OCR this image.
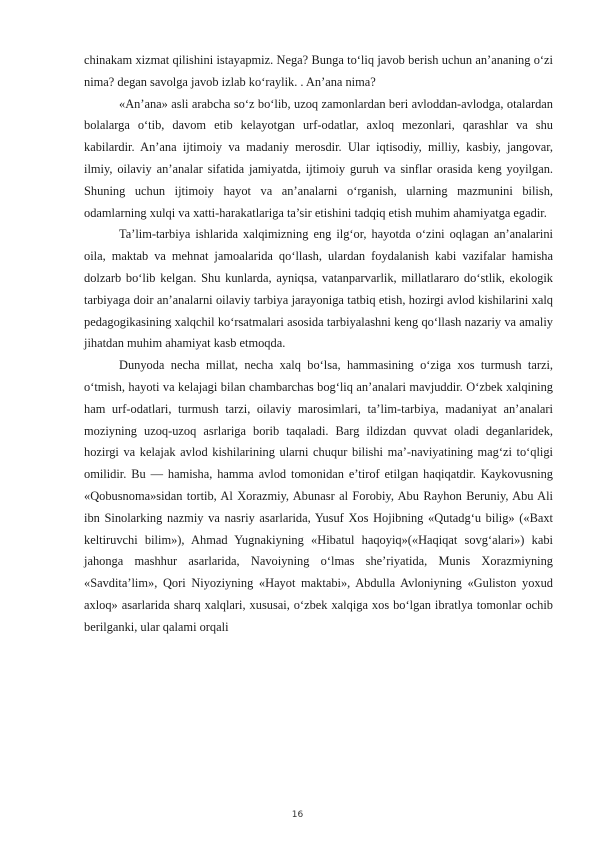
chinakam xizmat qilishini istayapmiz. Nega? Bunga to‘liq javob berish uchun an’ananing o‘zi nima? degan savolga javob izlab ko‘raylik. . An’ana nima?

«An’ana» asli arabcha so‘z bo‘lib, uzoq zamonlardan beri avloddan-avlodga, otalardan bolalarga o‘tib, davom etib kelayotgan urf-odatlar, axloq mezonlari, qarashlar va shu kabilardir. An’ana ijtimoiy va madaniy merosdir. Ular iqtisodiy, milliy, kasbiy, jangovar, ilmiy, oilaviy an’analar sifatida jamiyatda, ijtimoiy guruh va sinflar orasida keng yoyilgan. Shuning uchun ijtimoiy hayot va an’analarni o‘rganish, ularning mazmunini bilish, odamlarning xulqi va xatti-harakatlariga ta’sir etishini tadqiq etish muhim ahamiyatga egadir.

Ta’lim-tarbiya ishlarida xalqimizning eng ilg‘or, hayotda o‘zini oqlagan an’analarini oila, maktab va mehnat jamoalarida qo‘llash, ulardan foydalanish kabi vazifalar hamisha dolzarb bo‘lib kelgan. Shu kunlarda, ayniqsa, vatanparvarlik, millatlararo do‘stlik, ekologik tarbiyaga doir an’analarni oilaviy tarbiya jarayoniga tatbiq etish, hozirgi avlod kishilarini xalq pedagogikasining xalqchil ko‘rsatmalari asosida tarbiyalashni keng qo‘llash nazariy va amaliy jihatdan muhim ahamiyat kasb etmoqda.

Dunyoda necha millat, necha xalq bo‘lsa, hammasining o‘ziga xos turmush tarzi, o‘tmish, hayoti va kelajagi bilan chambarchas bog‘liq an’analari mavjuddir. O‘zbek xalqining ham urf-odatlari, turmush tarzi, oilaviy marosimlari, ta’lim-tarbiya, madaniyat an’analari mozіyning uzoq-uzoq asrlariga borib taqaladi. Barg ildizdan quvvat oladi deganlaridek, hozirgi va kelajak avlod kishilarining ularni chuqur bilishi ma’-naviyatining mag‘zi to‘qligi omilidir. Bu — hamisha, hamma avlod tomonidan e’tirof etilgan haqiqatdir. Kaykovusning «Qobusnoma»sidan tortib, Al Xorazmiy, Abunasr al Forobiy, Abu Rayhon Beruniy, Abu Ali ibn Sinolarking nazmiy va nasriy asarlarida, Yusuf Xos Hojibning «Qutadg‘u bilig» («Baxt keltiruvchi bilim»), Ahmad Yugnakiyning «Hibatul haqoyiq»(«Haqiqat sovg‘alari») kabi jahonga mashhur asarlarida, Navoiyning o‘lmas she’riyatida, Munis Xorazmiyning «Savdita’lim», Qori Niyoziyning «Hayot maktabi», Abdulla Avloniyning «Guliston yoxud axloq» asarlarida sharq xalqlari, xususai, o‘zbek xalqiga xos bo‘lgan ibratlya tomonlar ochib berilganki, ular qalami orqali

16
